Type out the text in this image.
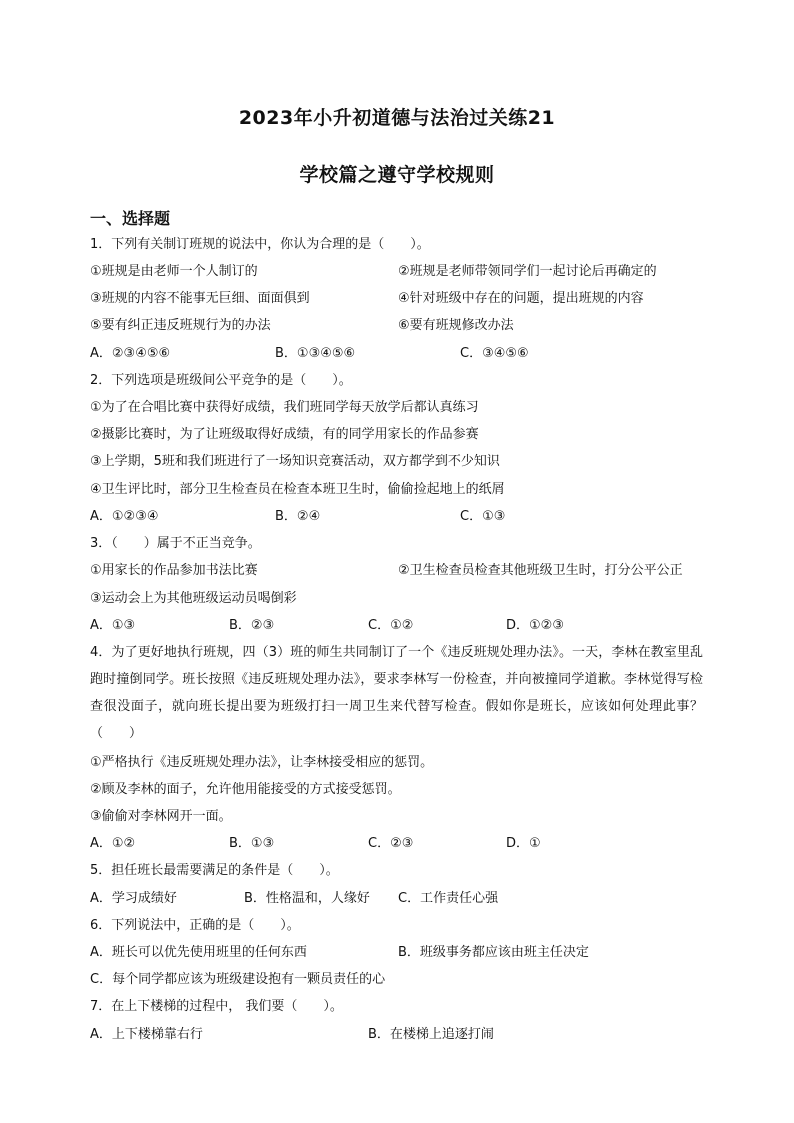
2023年小升初道德与法治过关练21
学校篇之遵守学校规则
一、选择题
1．下列有关制订班规的说法中，你认为合理的是（　　）。
①班规是由老师一个人制订的	②班规是老师带领同学们一起讨论后再确定的
③班规的内容不能事无巨细、面面俱到	④针对班级中存在的问题，提出班规的内容
⑤要有纠正违反班规行为的办法	⑥要有班规修改办法
A．②③④⑤⑥	B．①③④⑤⑥	C．③④⑤⑥
2．下列选项是班级间公平竞争的是（　　）。
①为了在合唱比赛中获得好成绩，我们班同学每天放学后都认真练习
②摄影比赛时，为了让班级取得好成绩，有的同学用家长的作品参赛
③上学期，5班和我们班进行了一场知识竞赛活动，双方都学到不少知识
④卫生评比时，部分卫生检查员在检查本班卫生时，偷偷捡起地上的纸屑
A．①②③④	B．②④	C．①③
3．（　　）属于不正当竞争。
①用家长的作品参加书法比赛	②卫生检查员检查其他班级卫生时，打分公平公正
③运动会上为其他班级运动员喝倒彩
A．①③	B．②③	C．①②	D．①②③
4．为了更好地执行班规，四（3）班的师生共同制订了一个《违反班规处理办法》。一天，李林在教室里乱跑时撞倒同学。班长按照《违反班规处理办法》，要求李林写一份检查，并向被撞同学道歉。李林觉得写检查很没面子，就向班长提出要为班级打扫一周卫生来代替写检查。假如你是班长，应该如何处理此事？（　　）
①严格执行《违反班规处理办法》，让李林接受相应的惩罚。
②顾及李林的面子，允许他用能接受的方式接受惩罚。
③偷偷对李林网开一面。
A．①②	B．①③	C．②③	D．①
5．担任班长最需要满足的条件是（　　）。
A．学习成绩好	B．性格温和，人缘好 C．工作责任心强
6．下列说法中，正确的是（　　）。
A．班长可以优先使用班里的任何东西	B．班级事务都应该由班主任决定
C．每个同学都应该为班级建设抱有一颗员责任的心
7．在上下楼梯的过程中， 我们要（　　）。
A．上下楼梯靠右行	B．在楼梯上追逐打闹
